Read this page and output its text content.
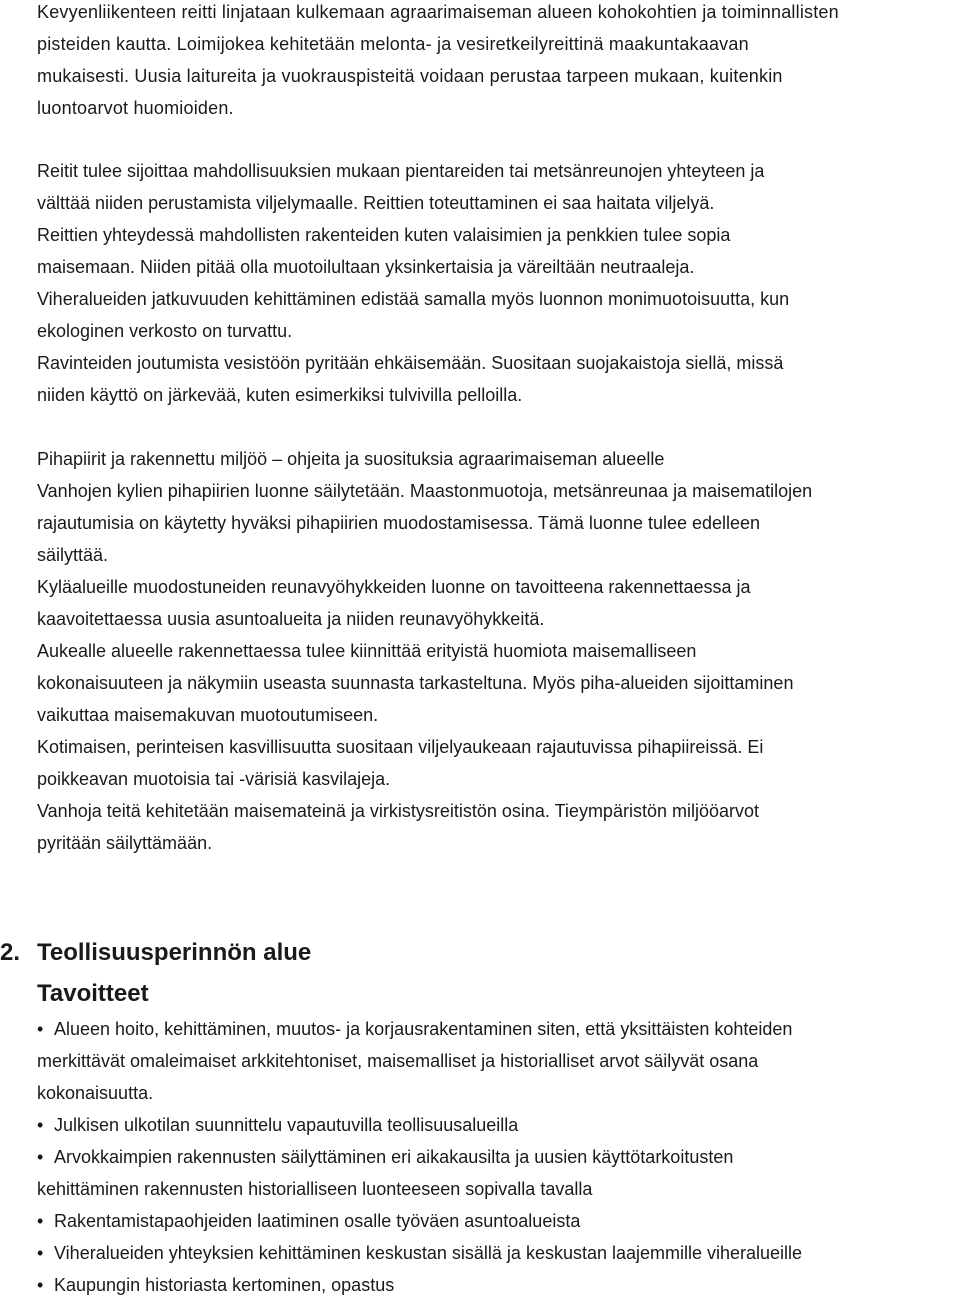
Kevyenliikenteen reitti linjataan kulkemaan agraarimaiseman alueen kohokohtien ja toiminnallisten
pisteiden kautta. Loimijokea kehitetään melonta- ja vesiretkeilyreittinä maakuntakaavan
mukaisesti. Uusia laitureita ja vuokrauspisteitä voidaan perustaa tarpeen mukaan, kuitenkin
luontoarvot huomioiden.
Reitit tulee sijoittaa mahdollisuuksien mukaan pientareiden tai metsänreunojen yhteyteen ja
välttää niiden perustamista viljelymaalle. Reittien toteuttaminen ei saa haitata viljelyä.
Reittien yhteydessä mahdollisten rakenteiden kuten valaisimien ja penkkien tulee sopia
maisemaan. Niiden pitää olla muotoilultaan yksinkertaisia ja väreiltään neutraaleja.
Viheralueiden jatkuvuuden kehittäminen edistää samalla myös luonnon monimuotoisuutta, kun
ekologinen verkosto on turvattu.
Ravinteiden joutumista vesistöön pyritään ehkäisemään. Suositaan suojakaistoja siellä, missä
niiden käyttö on järkevää, kuten esimerkiksi tulvivilla pelloilla.
Pihapiirit ja rakennettu miljöö – ohjeita ja suosituksia agraarimaiseman alueelle
Vanhojen kylien pihapiirien luonne säilytetään. Maastonmuotoja, metsänreunaa ja maisematilojen
rajautumisia on käytetty hyväksi pihapiirien muodostamisessa. Tämä luonne tulee edelleen
säilyttää.
Kyläalueille muodostuneiden reunavyöhykkeiden luonne on tavoitteena rakennettaessa ja
kaavoitettaessa uusia asuntoalueita ja niiden reunavyöhykkeitä.
Aukealle alueelle rakennettaessa tulee kiinnittää erityistä huomiota maisemalliseen
kokonaisuuteen ja näkymiin useasta suunnasta tarkasteltuna. Myös piha-alueiden sijoittaminen
vaikuttaa maisemakuvan muotoutumiseen.
Kotimaisen, perinteisen kasvillisuutta suositaan viljelyaukeaan rajautuvissa pihapiireissä. Ei
poikkeavan muotoisia tai -värisiä kasvilajeja.
Vanhoja teitä kehitetään maisemateinä ja virkistysreitistön osina. Tieympäristön miljööarvot
pyritään säilyttämään.
2. Teollisuusperinnön alue
Tavoitteet
• Alueen hoito, kehittäminen, muutos- ja korjausrakentaminen siten, että yksittäisten kohteiden
merkittävät omaleimaiset arkkitehtoniset, maisemalliset ja historialliset arvot säilyvät osana
kokonaisuutta.
• Julkisen ulkotilan suunnittelu vapautuvilla teollisuusalueilla
• Arvokkaimpien rakennusten säilyttäminen eri aikakausilta ja uusien käyttötarkoitusten
kehittäminen rakennusten historialliseen luonteeseen sopivalla tavalla
• Rakentamistapaohjeiden laatiminen osalle työväen asuntoalueista
• Viheralueiden yhteyksien kehittäminen keskustan sisällä ja keskustan laajemmille viheralueille
• Kaupungin historiasta kertominen, opastus
